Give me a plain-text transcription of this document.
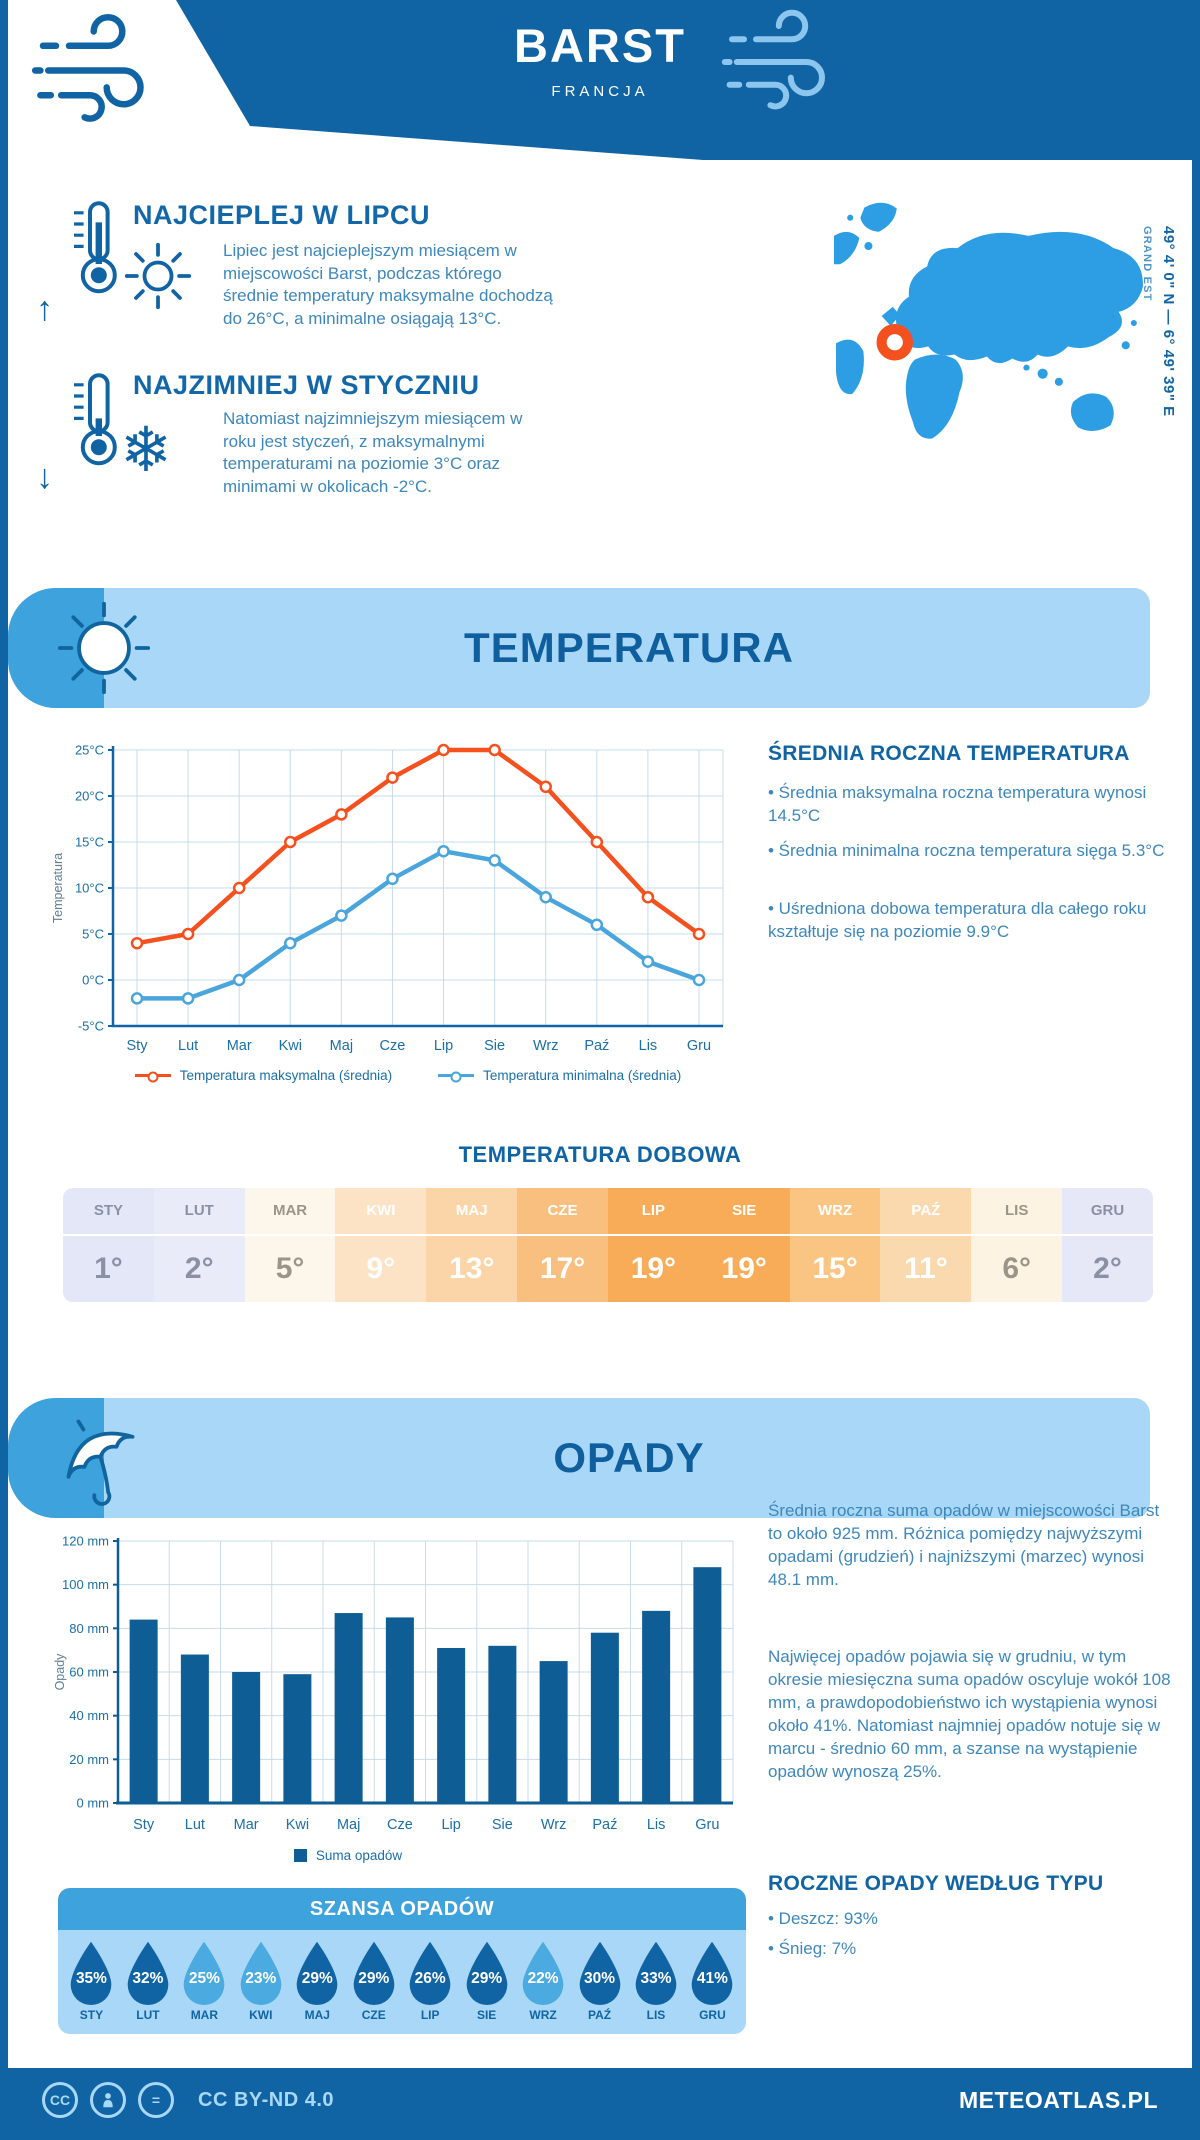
BARST
FRANCJA
↑
NAJCIEPLEJ W LIPCU
Lipiec jest najcieplejszym miesiącem w miejscowości Barst, podczas którego średnie temperatury maksymalne dochodzą do 26°C, a minimalne osiągają 13°C.
↓ ❄
NAJZIMNIEJ W STYCZNIU
Natomiast najzimniejszym miesiącem w roku jest styczeń, z maksymalnymi temperaturami na poziomie 3°C oraz minimami w okolicach -2°C.
49° 4' 0" N — 6° 49' 39" E
GRAND EST
TEMPERATURA
-5°C
0°C
5°C
10°C
15°C
20°C
25°C
Sty Lut Mar Kwi Maj Cze Lip Sie Wrz Paź Lis Gru
Temperatura
Temperatura maksymalna (średnia)	Temperatura minimalna (średnia)
ŚREDNIA ROCZNA TEMPERATURA
• Średnia maksymalna roczna temperatura wynosi 14.5°C
• Średnia minimalna roczna temperatura sięga 5.3°C
• Uśredniona dobowa temperatura dla całego roku kształtuje się na poziomie 9.9°C
TEMPERATURA DOBOWA
STY	LUT	MAR	KWI	MAJ	CZE	LIP	SIE	WRZ	PAŹ	LIS	GRU
1°	2°	5°	9°	13°	17°	19°	19°	15°	11°	6°	2°
OPADY
0 mm
20 mm
40 mm
60 mm
80 mm
100 mm
120 mm
Sty Lut Mar Kwi Maj Cze Lip Sie Wrz Paź Lis Gru
Opady
Suma opadów
Średnia roczna suma opadów w miejscowości Barst to około 925 mm. Różnica pomiędzy najwyższymi opadami (grudzień) i najniższymi (marzec) wynosi 48.1 mm.
Najwięcej opadów pojawia się w grudniu, w tym okresie miesięczna suma opadów oscyluje wokół 108 mm, a prawdopodobieństwo ich wystąpienia wynosi około 41%. Natomiast najmniej opadów notuje się w marcu - średnio 60 mm, a szanse na wystąpienie opadów wynoszą 25%.
ROCZNE OPADY WEDŁUG TYPU
• Deszcz: 93%
• Śnieg: 7%
SZANSA OPADÓW
35%
STY
32%
LUT
25%
MAR
23%
KWI
29%
MAJ
29%
CZE
26%
LIP
29%
SIE
22%
WRZ
30%
PAŹ
33%
LIS
41%
GRU
CC	=	CC BY-ND 4.0	METEOATLAS.PL
